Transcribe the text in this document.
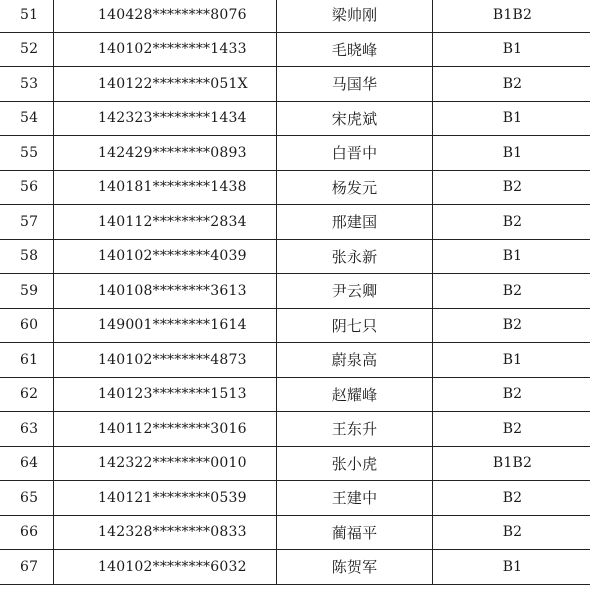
51	140428********8076	梁帅刚	B1B2
52	140102********1433	毛晓峰	B1
53	140122********051X	马国华	B2
54	142323********1434	宋虎斌	B1
55	142429********0893	白晋中	B1
56	140181********1438	杨发元	B2
57	140112********2834	邢建国	B2
58	140102********4039	张永新	B1
59	140108********3613	尹云卿	B2
60	149001********1614	阴七只	B2
61	140102********4873	蔚泉高	B1
62	140123********1513	赵耀峰	B2
63	140112********3016	王东升	B2
64	142322********0010	张小虎	B1B2
65	140121********0539	王建中	B2
66	142328********0833	蔺福平	B2
67	140102********6032	陈贺军	B1
